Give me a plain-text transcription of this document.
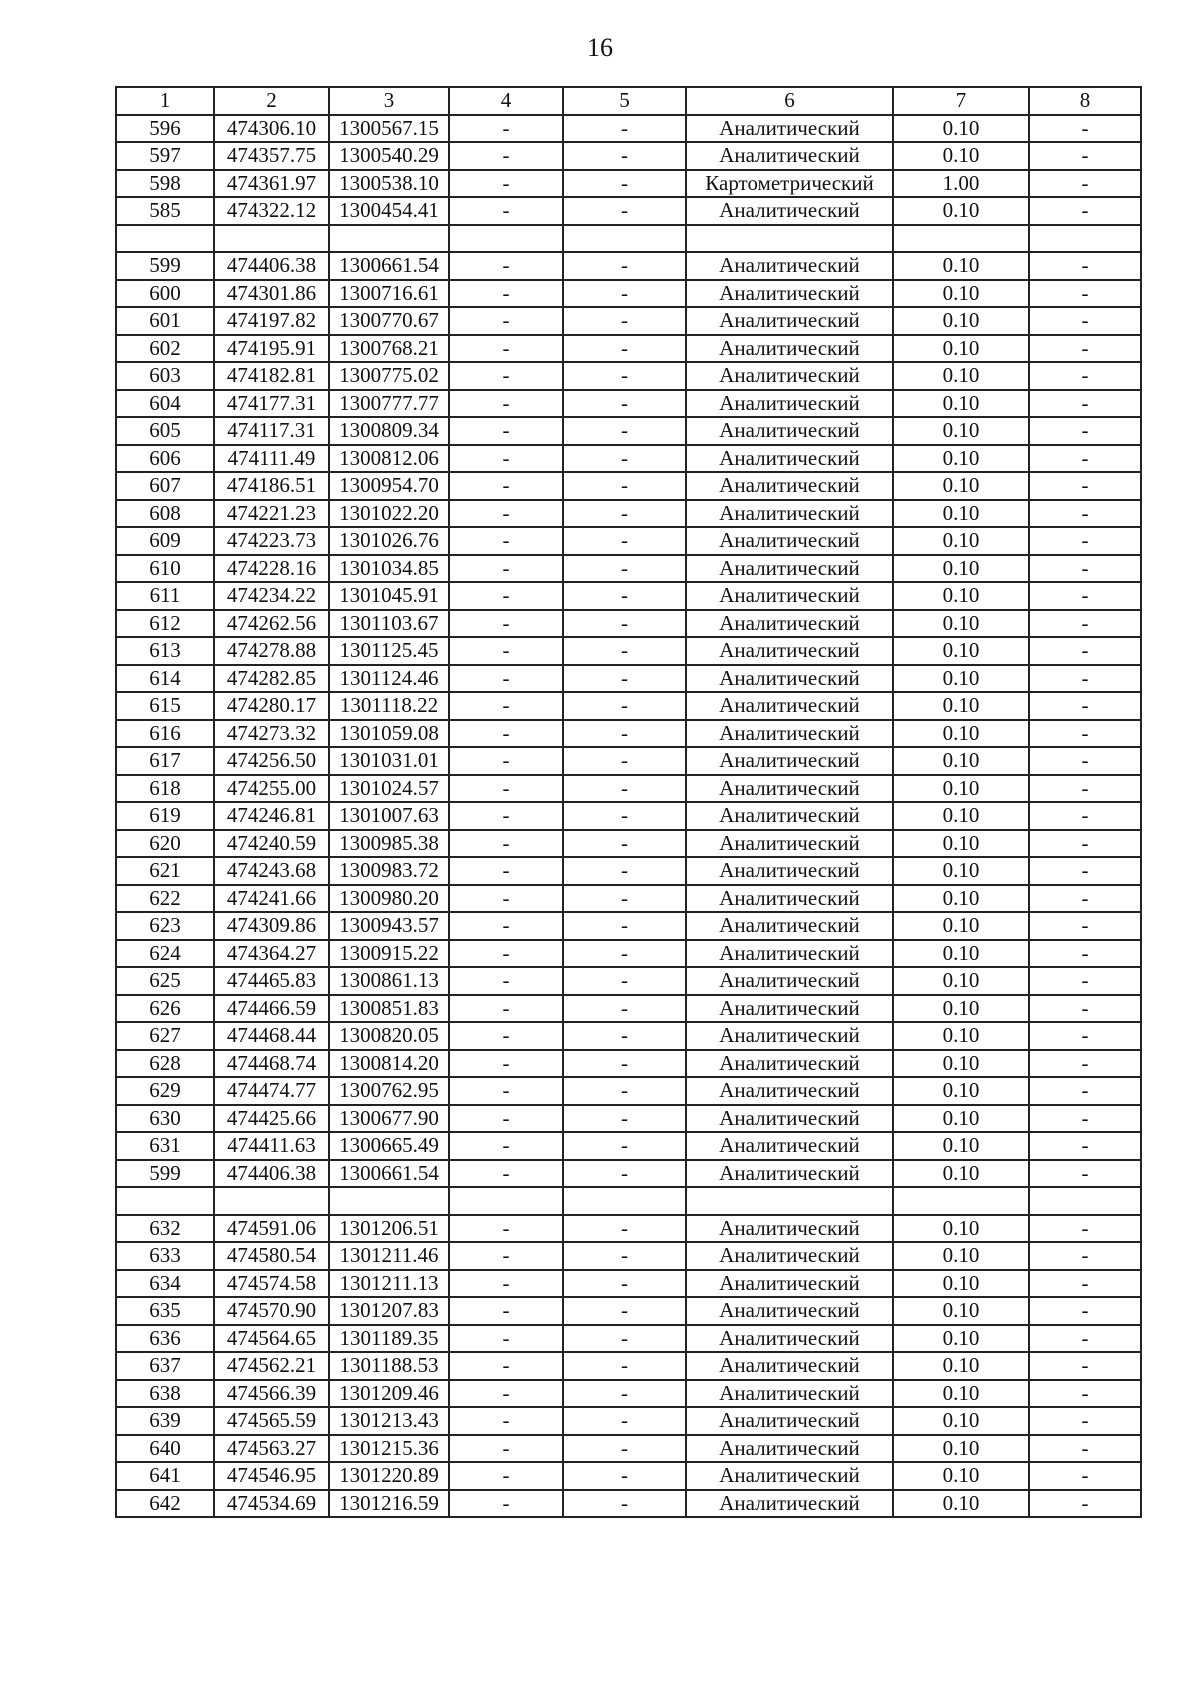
16
1	2	3	4	5	6	7	8
596	474306.10	1300567.15	-	-	Аналитический	0.10	-
597	474357.75	1300540.29	-	-	Аналитический	0.10	-
598	474361.97	1300538.10	-	-	Картометрический	1.00	-
585	474322.12	1300454.41	-	-	Аналитический	0.10	-

599	474406.38	1300661.54	-	-	Аналитический	0.10	-
600	474301.86	1300716.61	-	-	Аналитический	0.10	-
601	474197.82	1300770.67	-	-	Аналитический	0.10	-
602	474195.91	1300768.21	-	-	Аналитический	0.10	-
603	474182.81	1300775.02	-	-	Аналитический	0.10	-
604	474177.31	1300777.77	-	-	Аналитический	0.10	-
605	474117.31	1300809.34	-	-	Аналитический	0.10	-
606	474111.49	1300812.06	-	-	Аналитический	0.10	-
607	474186.51	1300954.70	-	-	Аналитический	0.10	-
608	474221.23	1301022.20	-	-	Аналитический	0.10	-
609	474223.73	1301026.76	-	-	Аналитический	0.10	-
610	474228.16	1301034.85	-	-	Аналитический	0.10	-
611	474234.22	1301045.91	-	-	Аналитический	0.10	-
612	474262.56	1301103.67	-	-	Аналитический	0.10	-
613	474278.88	1301125.45	-	-	Аналитический	0.10	-
614	474282.85	1301124.46	-	-	Аналитический	0.10	-
615	474280.17	1301118.22	-	-	Аналитический	0.10	-
616	474273.32	1301059.08	-	-	Аналитический	0.10	-
617	474256.50	1301031.01	-	-	Аналитический	0.10	-
618	474255.00	1301024.57	-	-	Аналитический	0.10	-
619	474246.81	1301007.63	-	-	Аналитический	0.10	-
620	474240.59	1300985.38	-	-	Аналитический	0.10	-
621	474243.68	1300983.72	-	-	Аналитический	0.10	-
622	474241.66	1300980.20	-	-	Аналитический	0.10	-
623	474309.86	1300943.57	-	-	Аналитический	0.10	-
624	474364.27	1300915.22	-	-	Аналитический	0.10	-
625	474465.83	1300861.13	-	-	Аналитический	0.10	-
626	474466.59	1300851.83	-	-	Аналитический	0.10	-
627	474468.44	1300820.05	-	-	Аналитический	0.10	-
628	474468.74	1300814.20	-	-	Аналитический	0.10	-
629	474474.77	1300762.95	-	-	Аналитический	0.10	-
630	474425.66	1300677.90	-	-	Аналитический	0.10	-
631	474411.63	1300665.49	-	-	Аналитический	0.10	-
599	474406.38	1300661.54	-	-	Аналитический	0.10	-

632	474591.06	1301206.51	-	-	Аналитический	0.10	-
633	474580.54	1301211.46	-	-	Аналитический	0.10	-
634	474574.58	1301211.13	-	-	Аналитический	0.10	-
635	474570.90	1301207.83	-	-	Аналитический	0.10	-
636	474564.65	1301189.35	-	-	Аналитический	0.10	-
637	474562.21	1301188.53	-	-	Аналитический	0.10	-
638	474566.39	1301209.46	-	-	Аналитический	0.10	-
639	474565.59	1301213.43	-	-	Аналитический	0.10	-
640	474563.27	1301215.36	-	-	Аналитический	0.10	-
641	474546.95	1301220.89	-	-	Аналитический	0.10	-
642	474534.69	1301216.59	-	-	Аналитический	0.10	-
